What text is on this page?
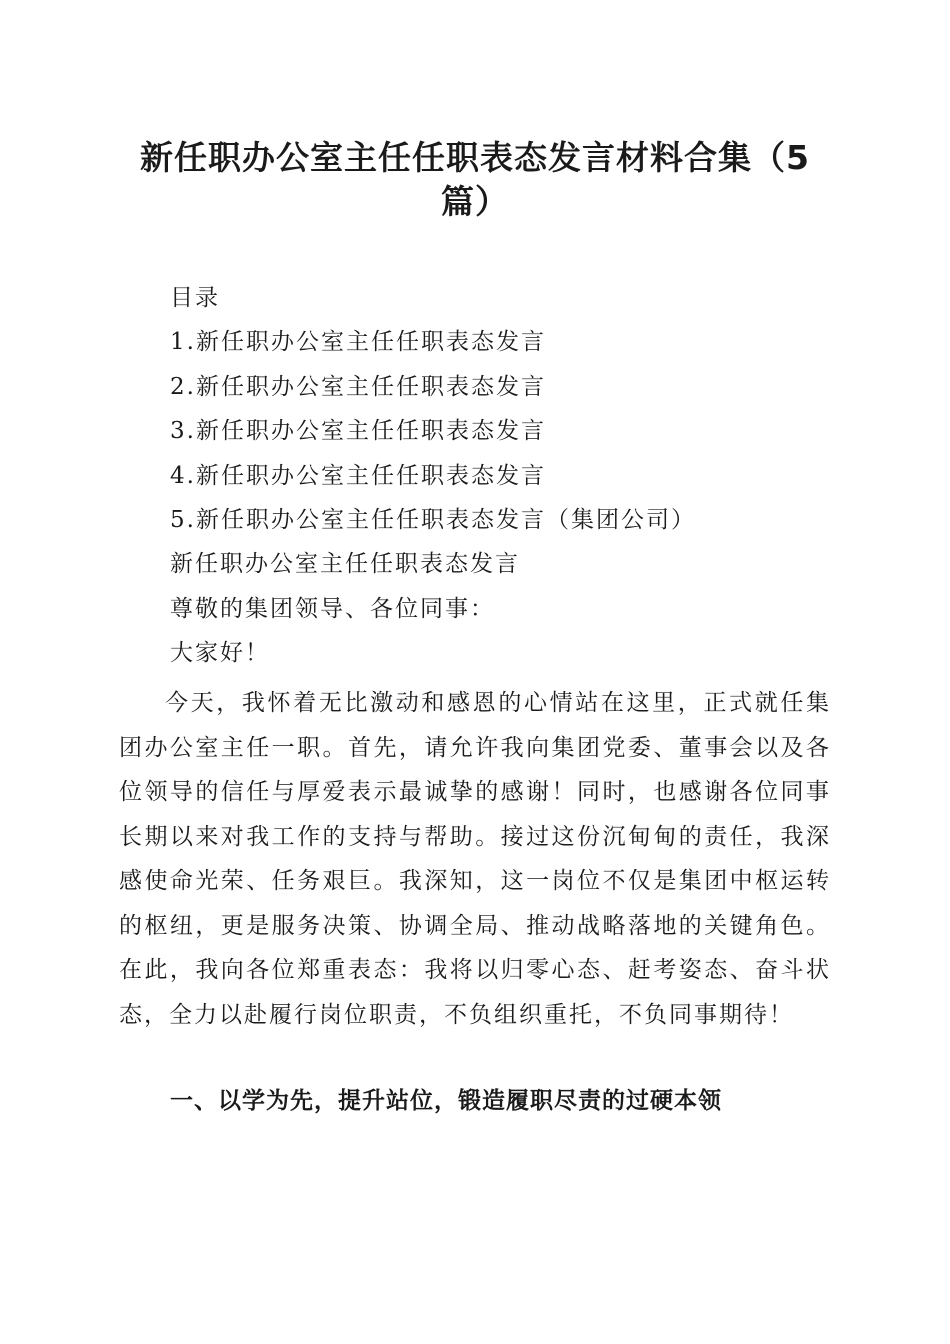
新任职办公室主任任职表态发言材料合集（5篇）

目录

1.新任职办公室主任任职表态发言

2.新任职办公室主任任职表态发言

3.新任职办公室主任任职表态发言

4.新任职办公室主任任职表态发言

5.新任职办公室主任任职表态发言（集团公司）

新任职办公室主任任职表态发言

尊敬的集团领导、各位同事：

大家好！

今天，我怀着无比激动和感恩的心情站在这里，正式就任集团办公室主任一职。首先，请允许我向集团党委、董事会以及各位领导的信任与厚爱表示最诚挚的感谢！同时，也感谢各位同事长期以来对我工作的支持与帮助。接过这份沉甸甸的责任，我深感使命光荣、任务艰巨。我深知，这一岗位不仅是集团中枢运转的枢纽，更是服务决策、协调全局、推动战略落地的关键角色。在此，我向各位郑重表态：我将以归零心态、赶考姿态、奋斗状态，全力以赴履行岗位职责，不负组织重托，不负同事期待！

一、以学为先，提升站位，锻造履职尽责的过硬本领
